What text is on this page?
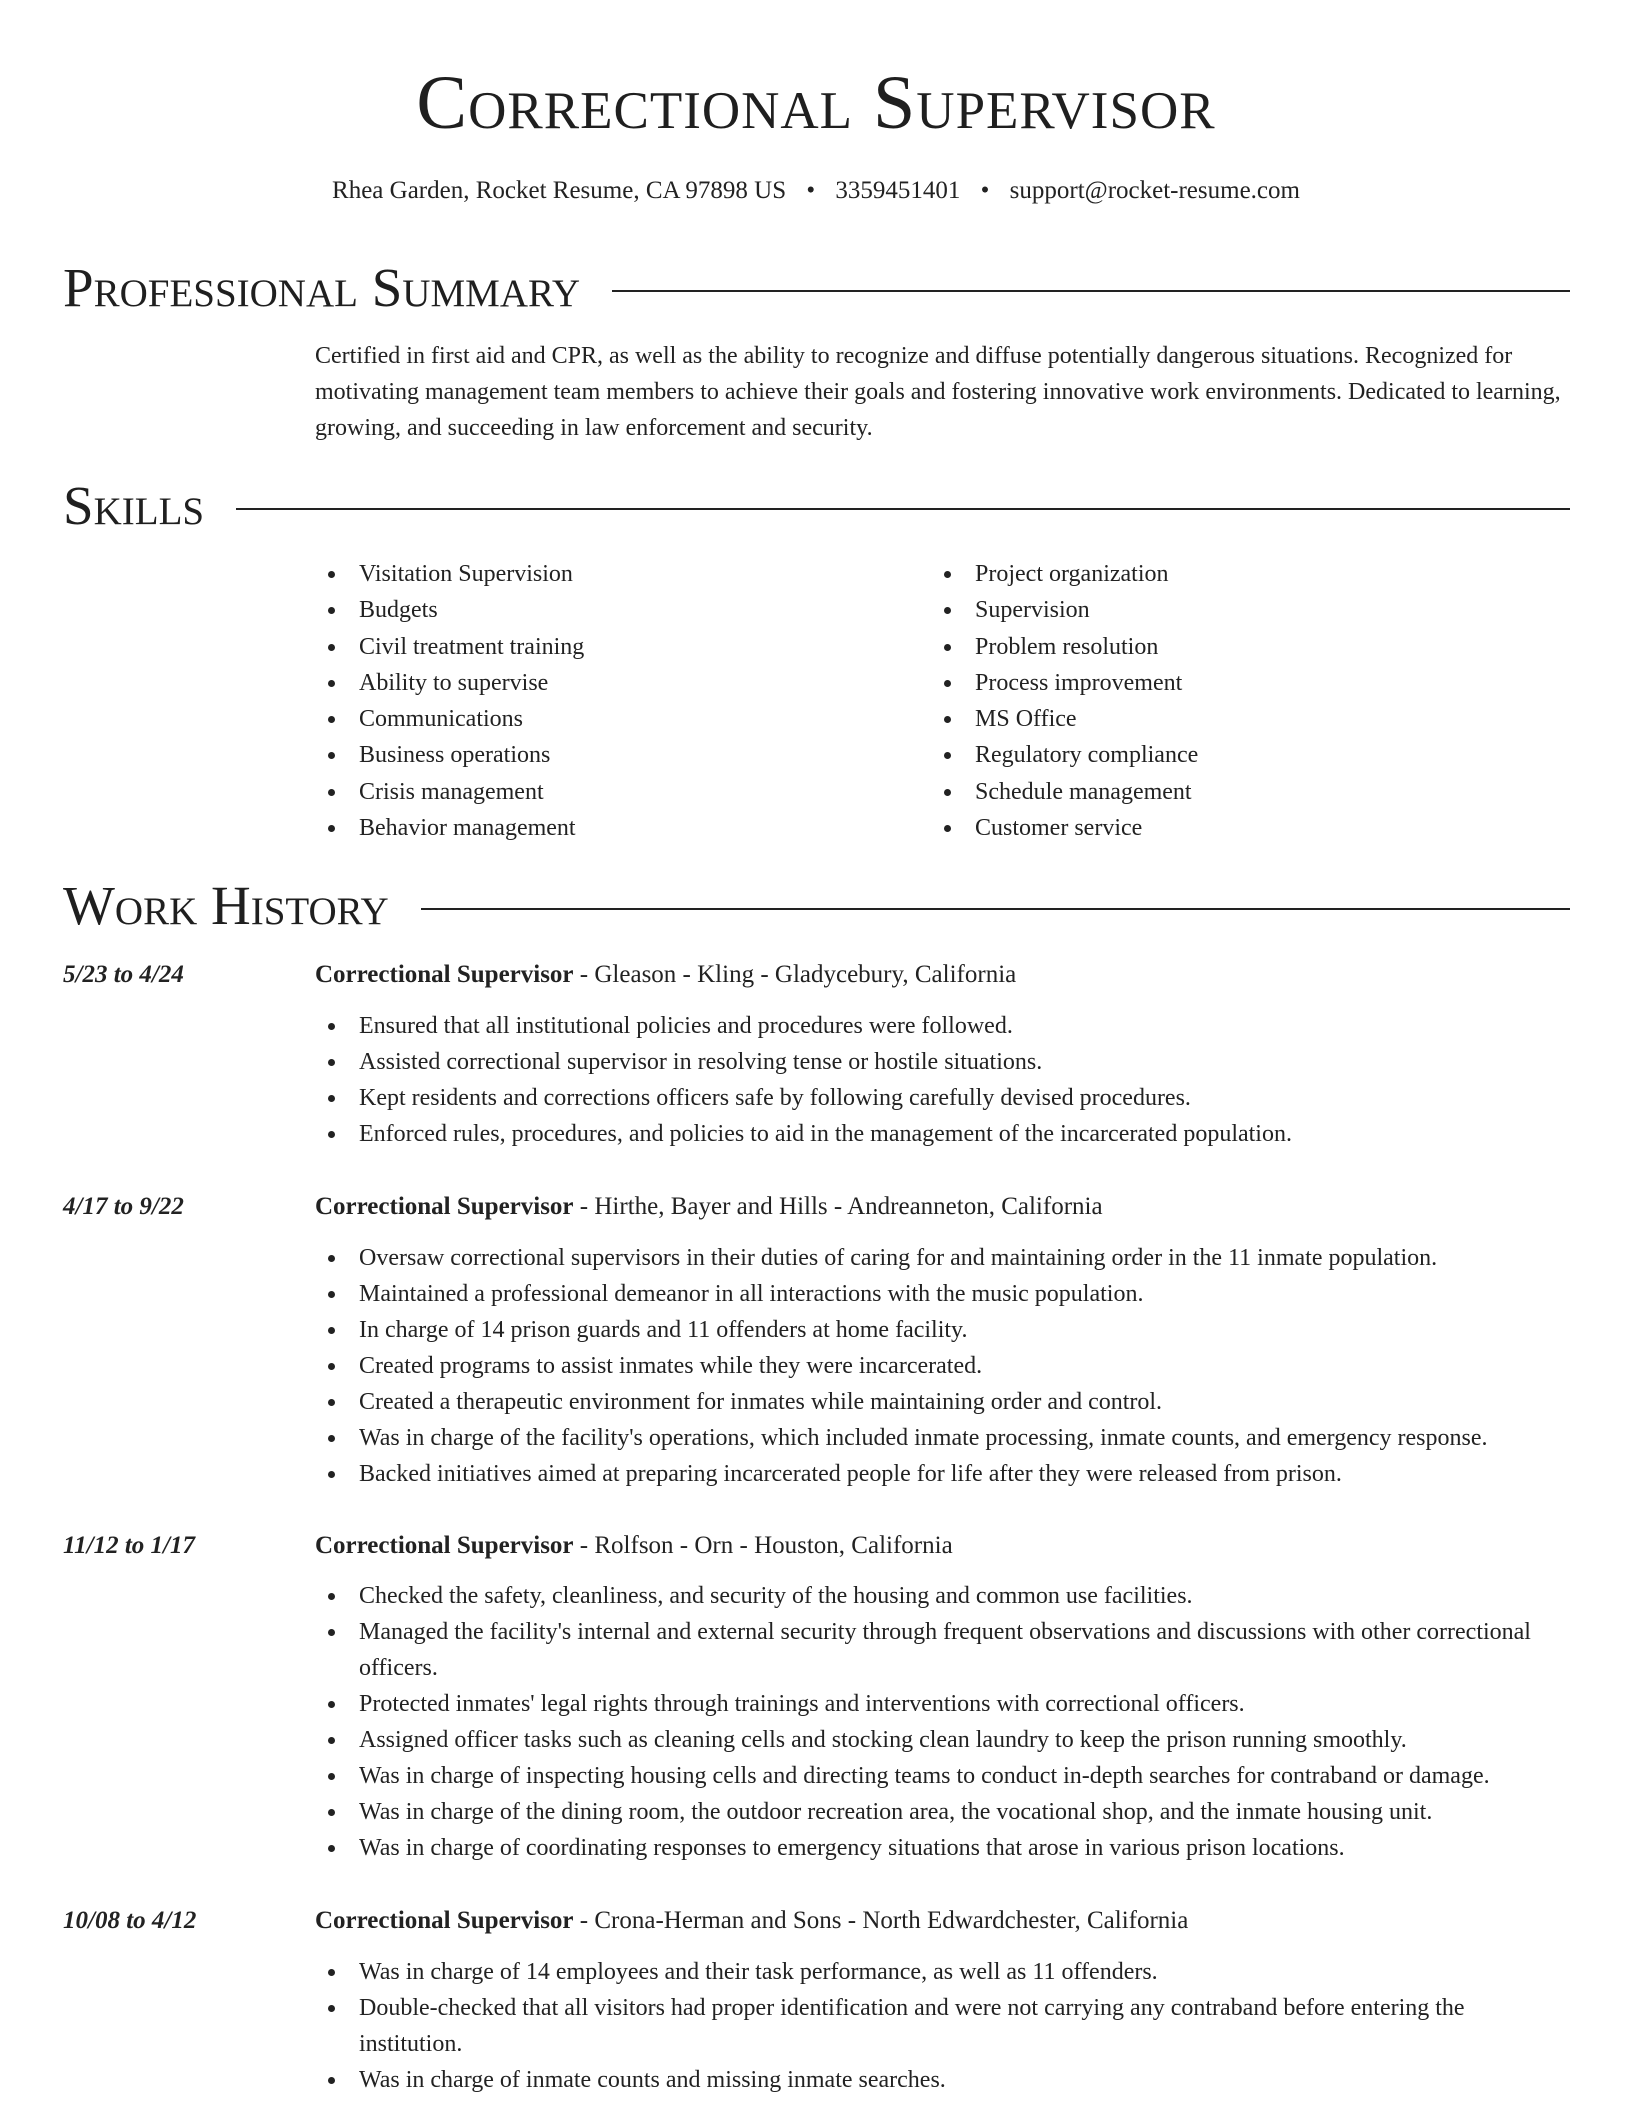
Correctional Supervisor
Rhea Garden, Rocket Resume, CA 97898 US • 3359451401 • support@rocket-resume.com
Professional Summary

Certified in first aid and CPR, as well as the ability to recognize and diffuse potentially dangerous situations. Recognized for motivating management team members to achieve their goals and fostering innovative work environments. Dedicated to learning, growing, and succeeding in law enforcement and security.

Skills
Visitation Supervision
Budgets
Civil treatment training
Ability to supervise
Communications
Business operations
Crisis management
Behavior management
Project organization
Supervision
Problem resolution
Process improvement
MS Office
Regulatory compliance
Schedule management
Customer service
Work History
5/23 to 4/24	Correctional Supervisor - Gleason - Kling - Gladycebury, California
Ensured that all institutional policies and procedures were followed.
Assisted correctional supervisor in resolving tense or hostile situations.
Kept residents and corrections officers safe by following carefully devised procedures.
Enforced rules, procedures, and policies to aid in the management of the incarcerated population.
4/17 to 9/22	Correctional Supervisor - Hirthe, Bayer and Hills - Andreanneton, California
Oversaw correctional supervisors in their duties of caring for and maintaining order in the 11 inmate population.
Maintained a professional demeanor in all interactions with the music population.
In charge of 14 prison guards and 11 offenders at home facility.
Created programs to assist inmates while they were incarcerated.
Created a therapeutic environment for inmates while maintaining order and control.
Was in charge of the facility's operations, which included inmate processing, inmate counts, and emergency response.
Backed initiatives aimed at preparing incarcerated people for life after they were released from prison.
11/12 to 1/17	Correctional Supervisor - Rolfson - Orn - Houston, California
Checked the safety, cleanliness, and security of the housing and common use facilities.
Managed the facility's internal and external security through frequent observations and discussions with other correctional officers.
Protected inmates' legal rights through trainings and interventions with correctional officers.
Assigned officer tasks such as cleaning cells and stocking clean laundry to keep the prison running smoothly.
Was in charge of inspecting housing cells and directing teams to conduct in-depth searches for contraband or damage.
Was in charge of the dining room, the outdoor recreation area, the vocational shop, and the inmate housing unit.
Was in charge of coordinating responses to emergency situations that arose in various prison locations.
10/08 to 4/12	Correctional Supervisor - Crona-Herman and Sons - North Edwardchester, California
Was in charge of 14 employees and their task performance, as well as 11 offenders.
Double-checked that all visitors had proper identification and were not carrying any contraband before entering the institution.
Was in charge of inmate counts and missing inmate searches.
